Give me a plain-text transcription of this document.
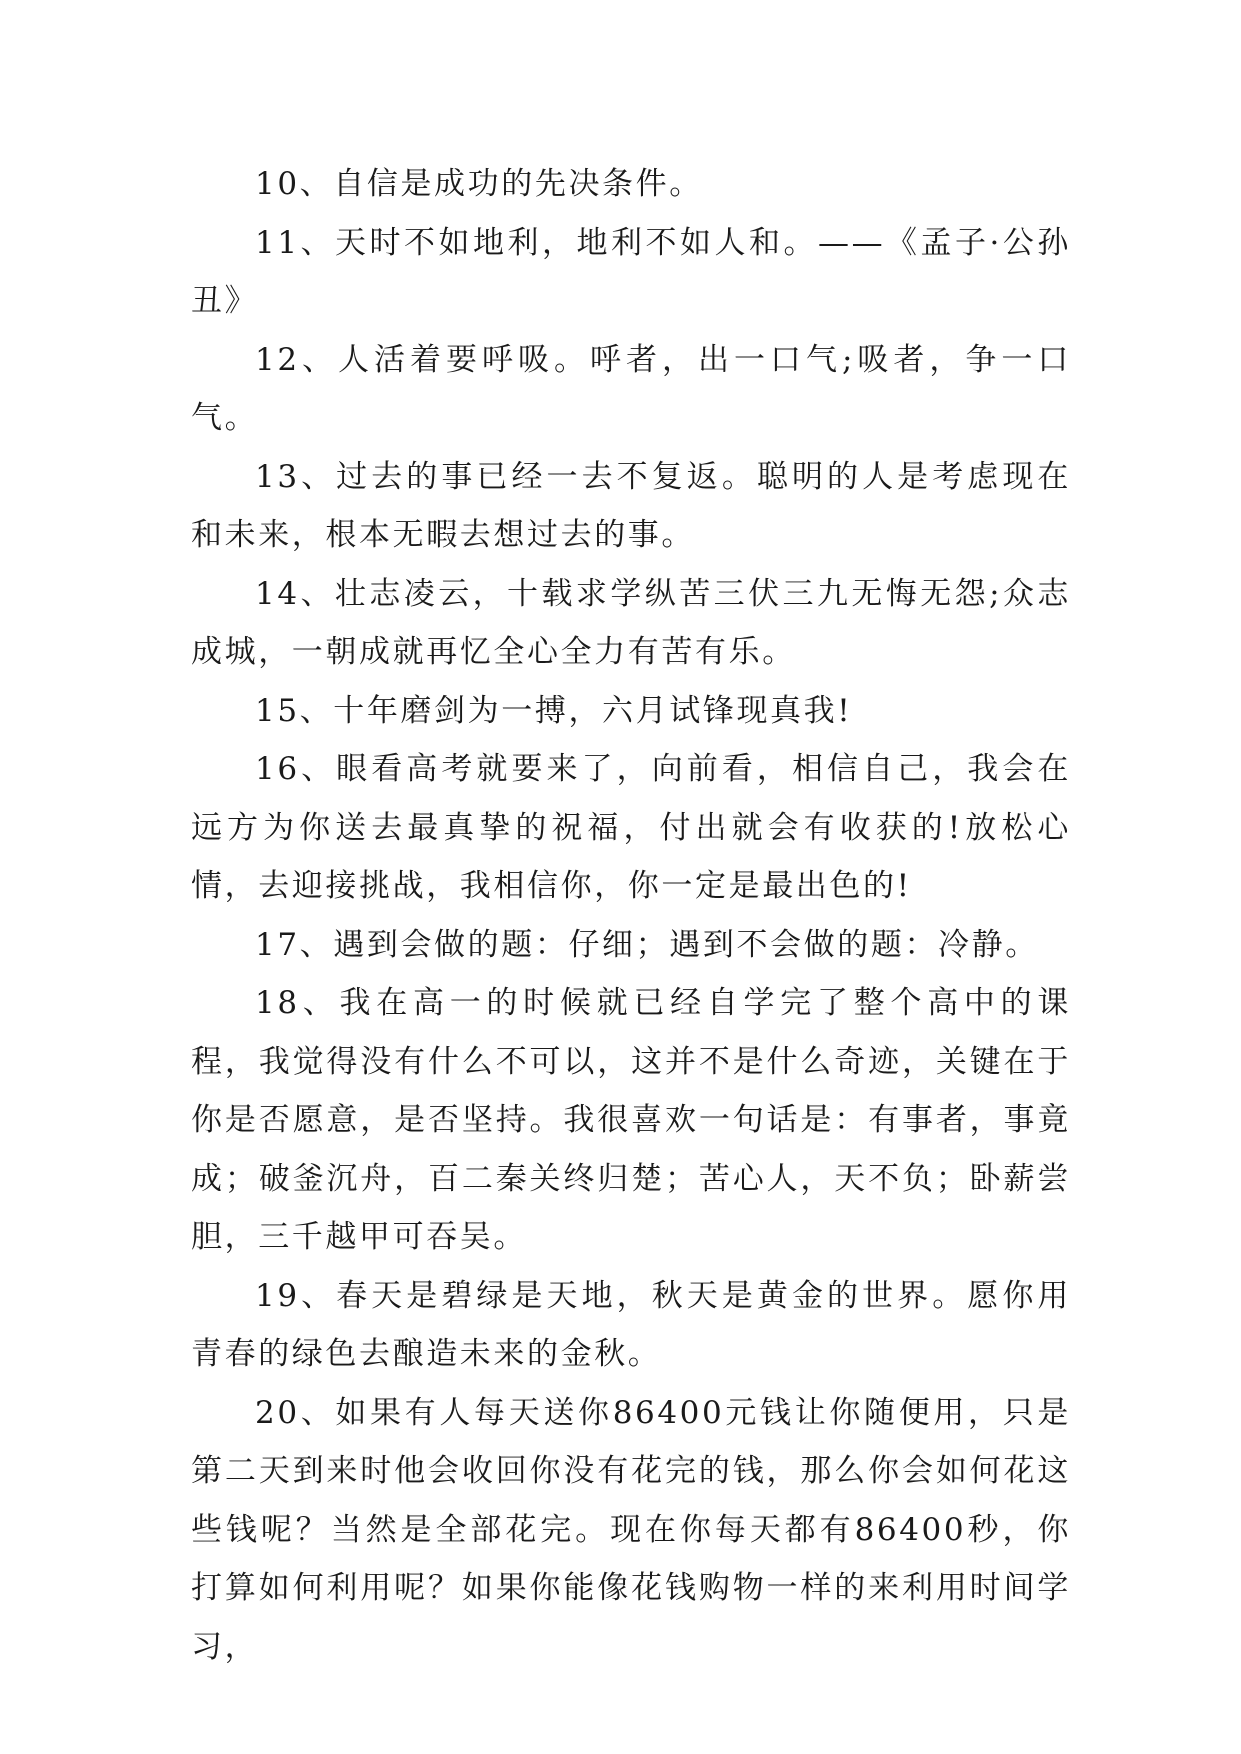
10、自信是成功的先决条件。

11、天时不如地利，地利不如人和。——《孟子·公孙丑》

12、人活着要呼吸。呼者，出一口气;吸者，争一口气。

13、过去的事已经一去不复返。聪明的人是考虑现在和未来，根本无暇去想过去的事。

14、壮志凌云，十载求学纵苦三伏三九无悔无怨;众志成城，一朝成就再忆全心全力有苦有乐。

15、十年磨剑为一搏，六月试锋现真我!

16、眼看高考就要来了，向前看，相信自己，我会在远方为你送去最真挚的祝福，付出就会有收获的!放松心情，去迎接挑战，我相信你，你一定是最出色的!

17、遇到会做的题：仔细；遇到不会做的题：冷静。

18、我在高一的时候就已经自学完了整个高中的课程，我觉得没有什么不可以，这并不是什么奇迹，关键在于你是否愿意，是否坚持。我很喜欢一句话是：有事者，事竟成；破釜沉舟，百二秦关终归楚；苦心人，天不负；卧薪尝胆，三千越甲可吞吴。

19、春天是碧绿是天地，秋天是黄金的世界。愿你用青春的绿色去酿造未来的金秋。

20、如果有人每天送你86400元钱让你随便用，只是第二天到来时他会收回你没有花完的钱，那么你会如何花这些钱呢？当然是全部花完。现在你每天都有86400秒，你打算如何利用呢？如果你能像花钱购物一样的来利用时间学习，
